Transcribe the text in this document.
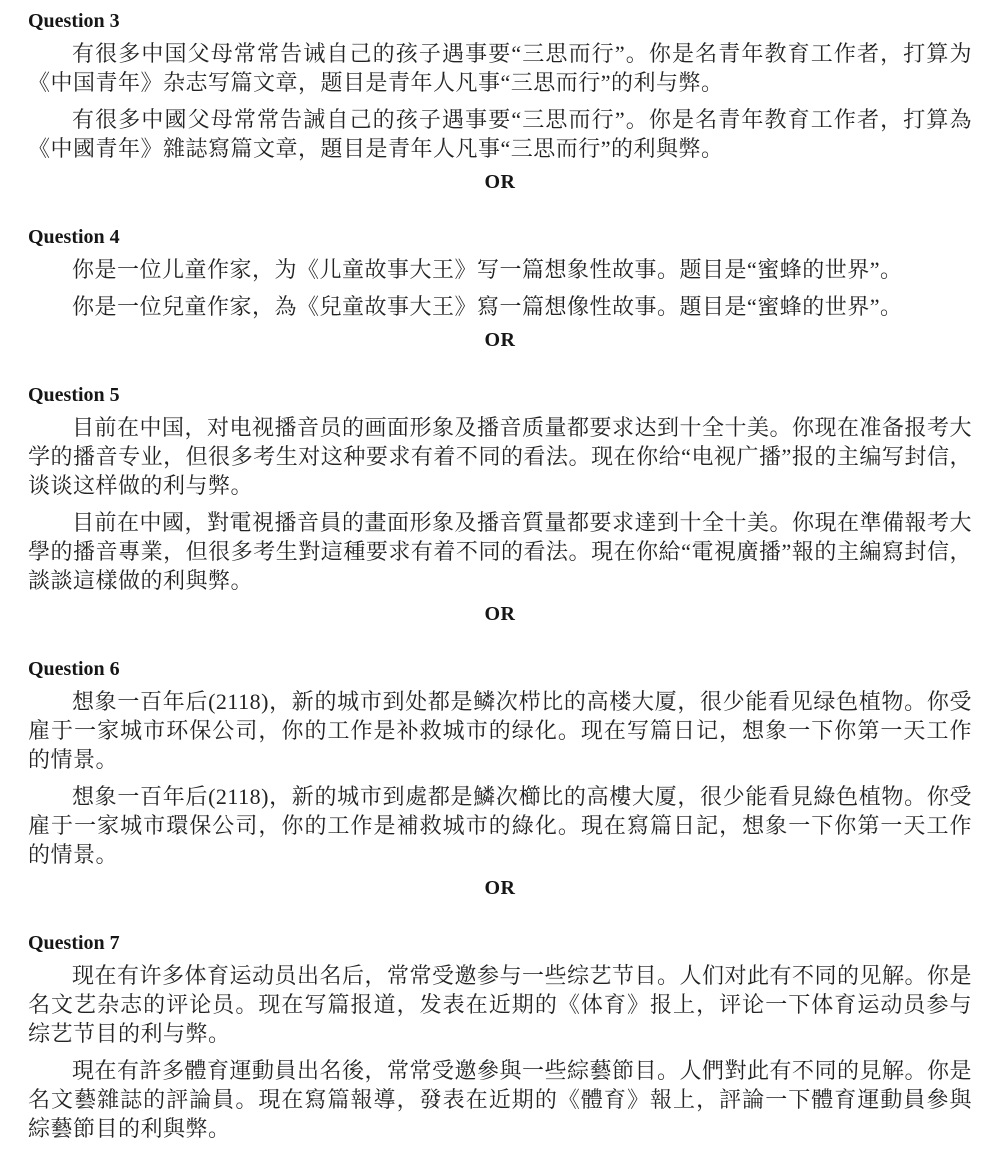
Question 3

有很多中国父母常常告诫自己的孩子遇事要“三思而行”。你是名青年教育工作者，打算为《中国青年》杂志写篇文章，题目是青年人凡事“三思而行”的利与弊。

有很多中國父母常常告誡自己的孩子遇事要“三思而行”。你是名青年教育工作者，打算為《中國青年》雜誌寫篇文章，題目是青年人凡事“三思而行”的利與弊。

OR
Question 4

你是一位儿童作家，为《儿童故事大王》写一篇想象性故事。题目是“蜜蜂的世界”。

你是一位兒童作家，為《兒童故事大王》寫一篇想像性故事。題目是“蜜蜂的世界”。

OR
Question 5

目前在中国，对电视播音员的画面形象及播音质量都要求达到十全十美。你现在准备报考大学的播音专业，但很多考生对这种要求有着不同的看法。现在你给“电视广播”报的主编写封信，谈谈这样做的利与弊。

目前在中國，對電視播音員的畫面形象及播音質量都要求達到十全十美。你現在準備報考大學的播音專業，但很多考生對這種要求有着不同的看法。現在你給“電視廣播”報的主編寫封信，談談這樣做的利與弊。

OR
Question 6

想象一百年后(2118)，新的城市到处都是鳞次栉比的高楼大厦，很少能看见绿色植物。你受雇于一家城市环保公司，你的工作是补救城市的绿化。现在写篇日记，想象一下你第一天工作的情景。

想象一百年后(2118)，新的城市到處都是鱗次櫛比的高樓大厦，很少能看見綠色植物。你受雇于一家城市環保公司，你的工作是補救城市的綠化。現在寫篇日記，想象一下你第一天工作的情景。

OR
Question 7

现在有许多体育运动员出名后，常常受邀参与一些综艺节目。人们对此有不同的见解。你是名文艺杂志的评论员。现在写篇报道，发表在近期的《体育》报上，评论一下体育运动员参与综艺节目的利与弊。

現在有許多體育運動員出名後，常常受邀參與一些綜藝節目。人們對此有不同的見解。你是名文藝雜誌的評論員。現在寫篇報導，發表在近期的《體育》報上，評論一下體育運動員參與綜藝節目的利與弊。
